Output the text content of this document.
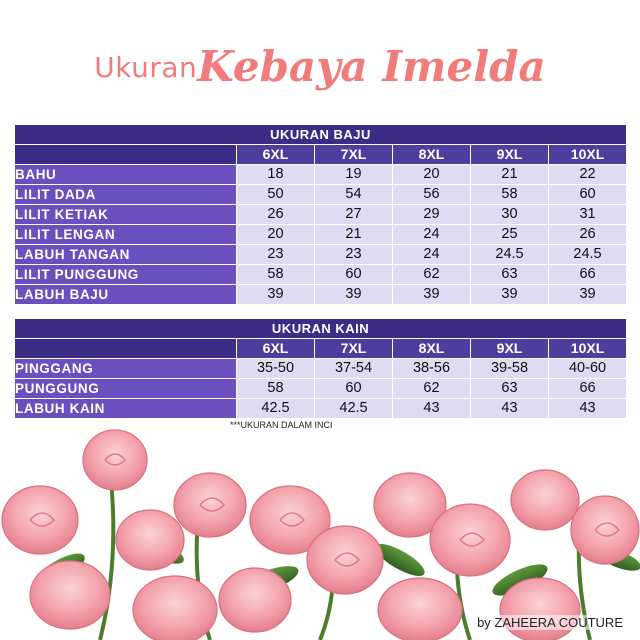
UkuranKebaya Imelda
UKURAN BAJU					
	6XL	7XL	8XL	9XL	10XL
BAHU	18	19	20	21	22
LILIT DADA	50	54	56	58	60
LILIT KETIAK	26	27	29	30	31
LILIT LENGAN	20	21	24	25	26
LABUH TANGAN	23	23	24	24.5	24.5
LILIT PUNGGUNG	58	60	62	63	66
LABUH BAJU	39	39	39	39	39
UKURAN KAIN					
	6XL	7XL	8XL	9XL	10XL
PINGGANG	35-50	37-54	38-56	39-58	40-60
PUNGGUNG	58	60	62	63	66
LABUH KAIN	42.5	42.5	43	43	43
***UKURAN DALAM INCI
by ZAHEERA COUTURE
